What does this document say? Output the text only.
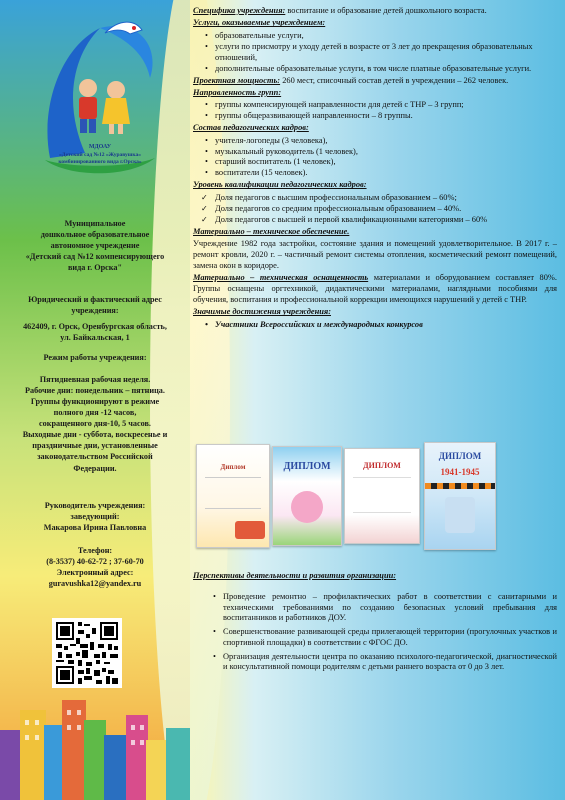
МДОАУ
«Детский сад №12 «Журавушка»
комбинированного вида г.Орска»
Муниципальное
дошкольное образовательное
автономное учреждение
«Детский сад №12 компенсирующего
вида г. Орска"
Юридический и фактический адрес
учреждения:
462409, г. Орск, Оренбургская область,
ул. Байкальская, 1
Режим работы учреждения:
Пятидневная рабочая неделя.
Рабочие дни: понедельник – пятница.
Группы функционируют в режиме
полного дня -12 часов,
сокращенного дня-10, 5 часов.
Выходные дни - суббота, воскресенье и
праздничные дни, установленные
законодательством Российской
Федерации.
Руководитель учреждения:
заведующий:
Макарова Ирина Павловна
Телефон:
(8-3537) 40-62-72 ; 37-60-70
Электронный адрес:
guravushka12@yandex.ru

Специфика учреждения: воспитание и образование детей дошкольного возраста.

Услуги, оказываемые учреждением:

• образовательные услуги,
• услуги по присмотру и уходу детей в возрасте от 3 лет до прекращения образовательных отношений,
• дополнительные образовательные услуги, в том числе платные образовательные услуги.

Проектная мощность: 260 мест, списочный состав детей в учреждении – 262 человек.

Направленность групп:

• группы компенсирующей направленности для детей с ТНР – 3 групп;
• группы общеразвивающей направленности – 8 группы.

Состав педагогических кадров:

• учителя-логопеды (3 человека),
• музыкальный руководитель (1 человек),
• старший воспитатель (1 человек),
• воспитатели (15 человек).

Уровень квалификации педагогических кадров:

✓ Доля педагогов с высшим профессиональным образованием – 60%;
✓ Доля педагогов со средним профессиональным образованием – 40%.
✓ Доля педагогов с высшей и первой квалификационными категориями – 60%

Материально – техническое обеспечение.

Учреждение 1982 года застройки, состояние здания и помещений удовлетворительное. В 2017 г. – ремонт кровли, 2020 г. – частичный ремонт системы отопления, косметический ремонт помещений, замена окон в коридоре.

Материально – техническая оснащенность материалами и оборудованием составляет 80%. Группы оснащены оргтехникой, дидактическими материалами, наглядными пособиями для обучения, воспитания и профессиональной коррекции имеющихся нарушений у детей с ТНР.

Значимые достижения учреждения:

• Участники Всероссийских и международных конкурсов
Диплом	ДИПЛОМ	ДИПЛОМ
ДИПЛОМ
1941-1945
Перспективы деятельности и развития организации:
• Проведение ремонтно – профилактических работ в соответствии с санитарными и техническими требованиями по созданию безопасных условий пребывания для воспитанников и работников ДОУ.
• Совершенствование развивающей среды прилегающей территории (прогулочных участков и спортивной площадки) в соответствии с ФГОС ДО.
• Организация деятельности центра по оказанию психолого-педагогической, диагностической и консультативной помощи родителям с детьми раннего возраста от 0 до 3 лет.
